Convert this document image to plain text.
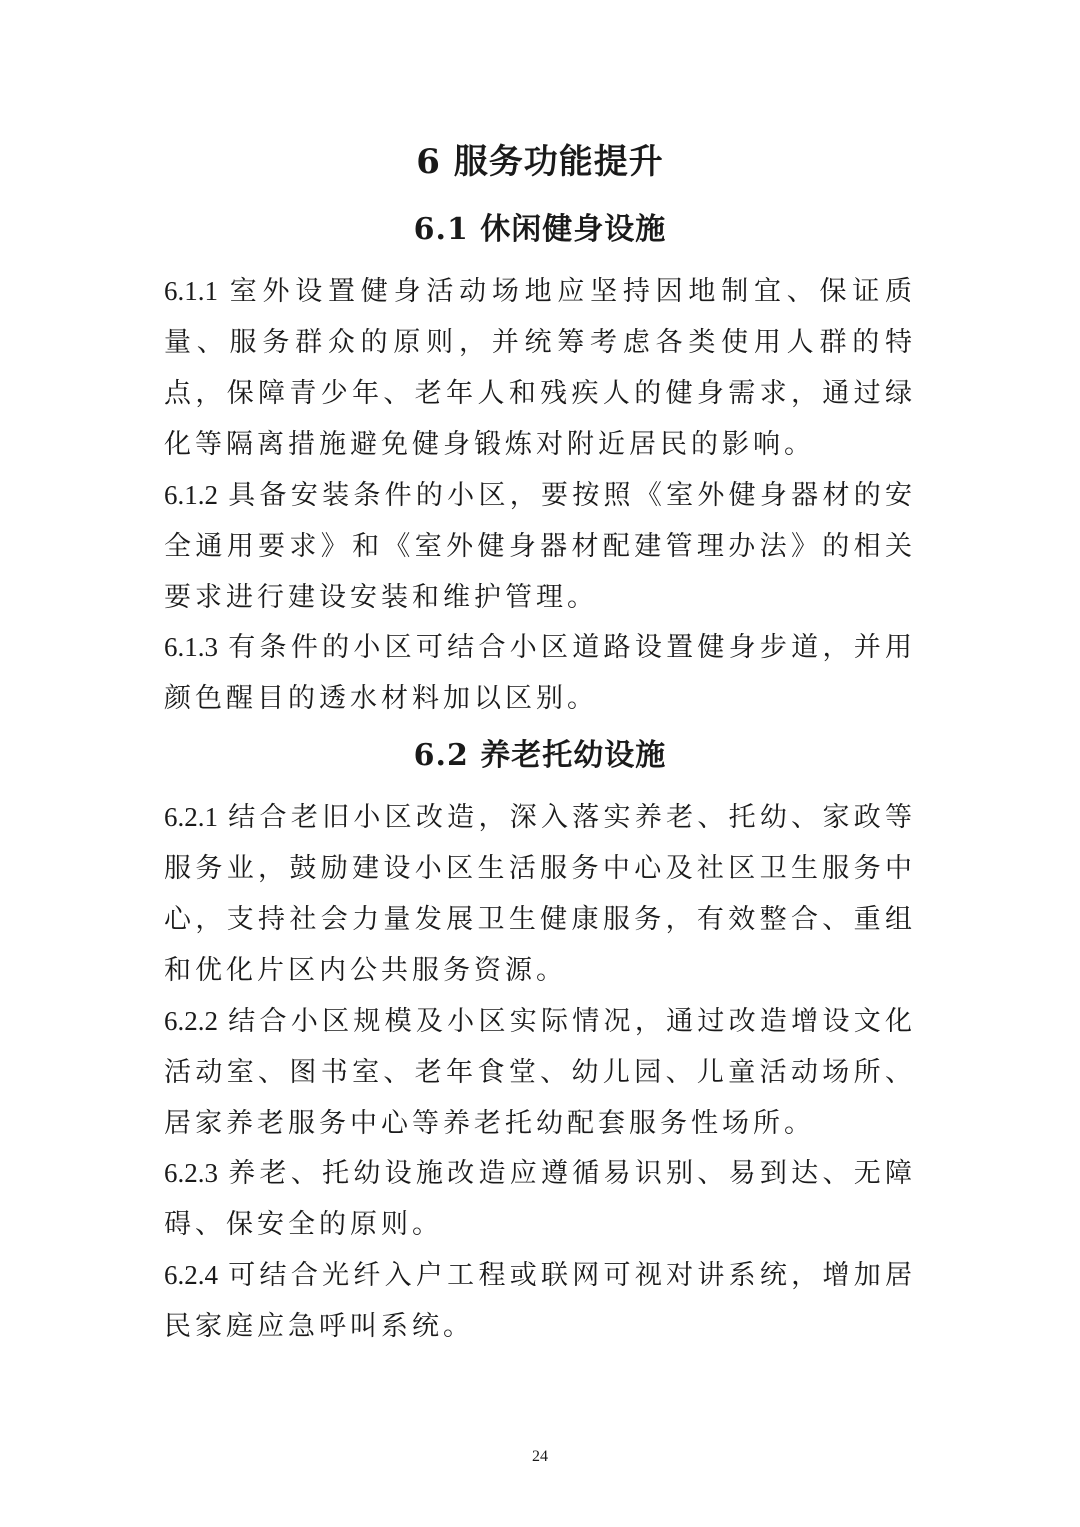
6 服务功能提升
6.1 休闲健身设施
6.1.1 室外设置健身活动场地应坚持因地制宜、保证质量、服务群众的原则，并统筹考虑各类使用人群的特点，保障青少年、老年人和残疾人的健身需求，通过绿化等隔离措施避免健身锻炼对附近居民的影响。
6.1.2 具备安装条件的小区，要按照《室外健身器材的安全通用要求》和《室外健身器材配建管理办法》的相关要求进行建设安装和维护管理。
6.1.3 有条件的小区可结合小区道路设置健身步道，并用颜色醒目的透水材料加以区别。
6.2 养老托幼设施
6.2.1 结合老旧小区改造，深入落实养老、托幼、家政等服务业，鼓励建设小区生活服务中心及社区卫生服务中心，支持社会力量发展卫生健康服务，有效整合、重组和优化片区内公共服务资源。
6.2.2 结合小区规模及小区实际情况，通过改造增设文化活动室、图书室、老年食堂、幼儿园、儿童活动场所、居家养老服务中心等养老托幼配套服务性场所。
6.2.3 养老、托幼设施改造应遵循易识别、易到达、无障碍、保安全的原则。
6.2.4 可结合光纤入户工程或联网可视对讲系统，增加居民家庭应急呼叫系统。
24
